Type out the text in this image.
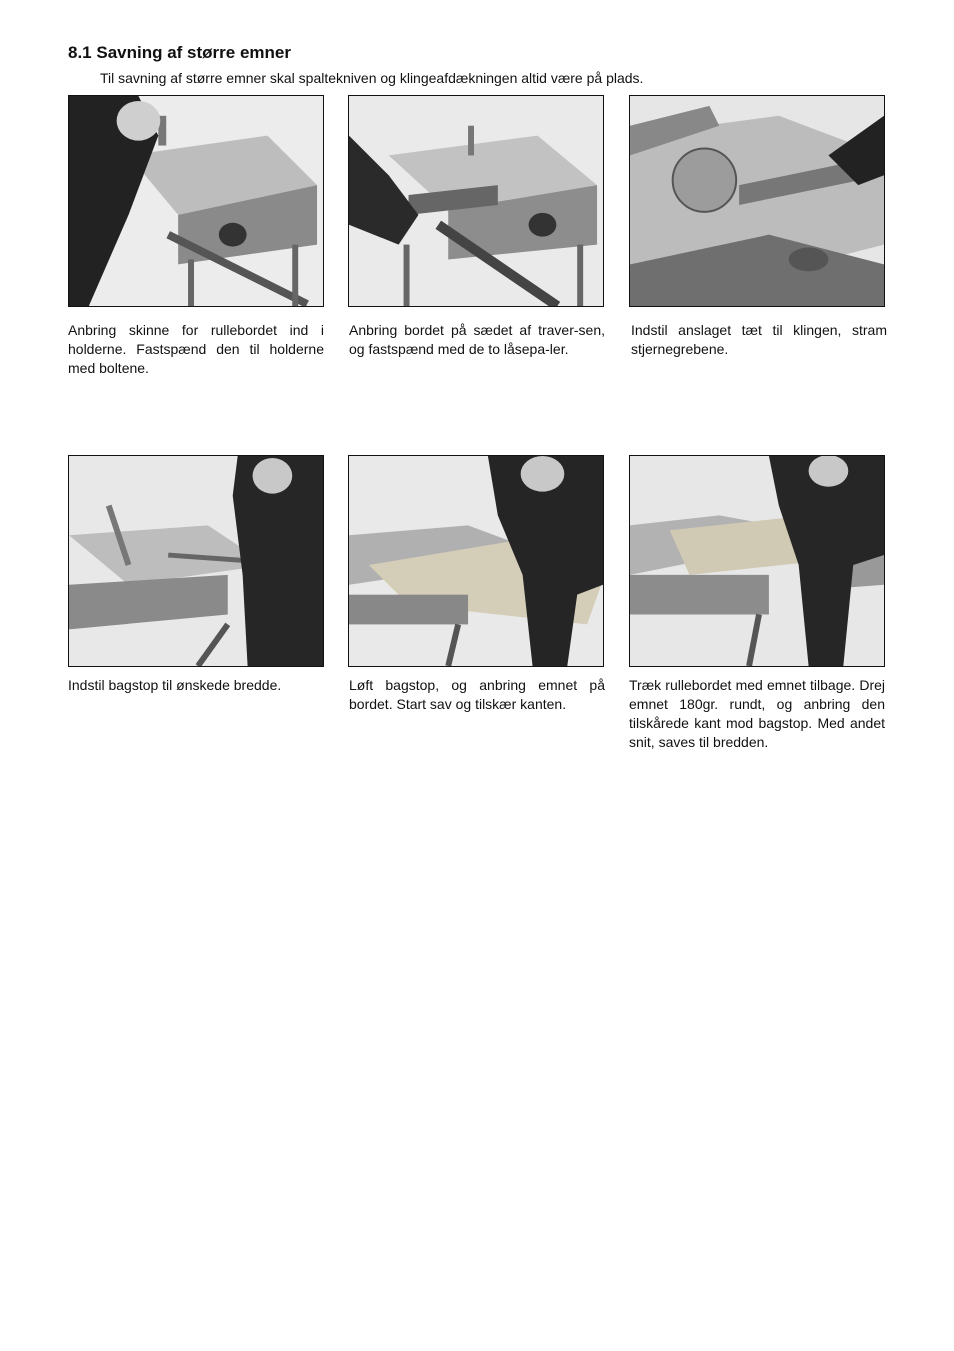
8.1 Savning af større emner

Til savning af større emner skal spaltekniven og klingeafdækningen altid være på plads.

Anbring skinne for rullebordet ind i holderne. Fastspænd den til holderne med boltene.

Anbring bordet på sædet af traver-sen, og fastspænd med de to låsepa-ler.

Indstil anslaget tæt til klingen, stram stjernegrebene.

Indstil bagstop til ønskede bredde.	Løft bagstop, og anbring emnet på bordet. Start sav og tilskær kanten.

Træk rullebordet med emnet tilbage. Drej emnet 180gr. rundt, og anbring den tilskårede kant mod bagstop. Med andet snit, saves til bredden.
